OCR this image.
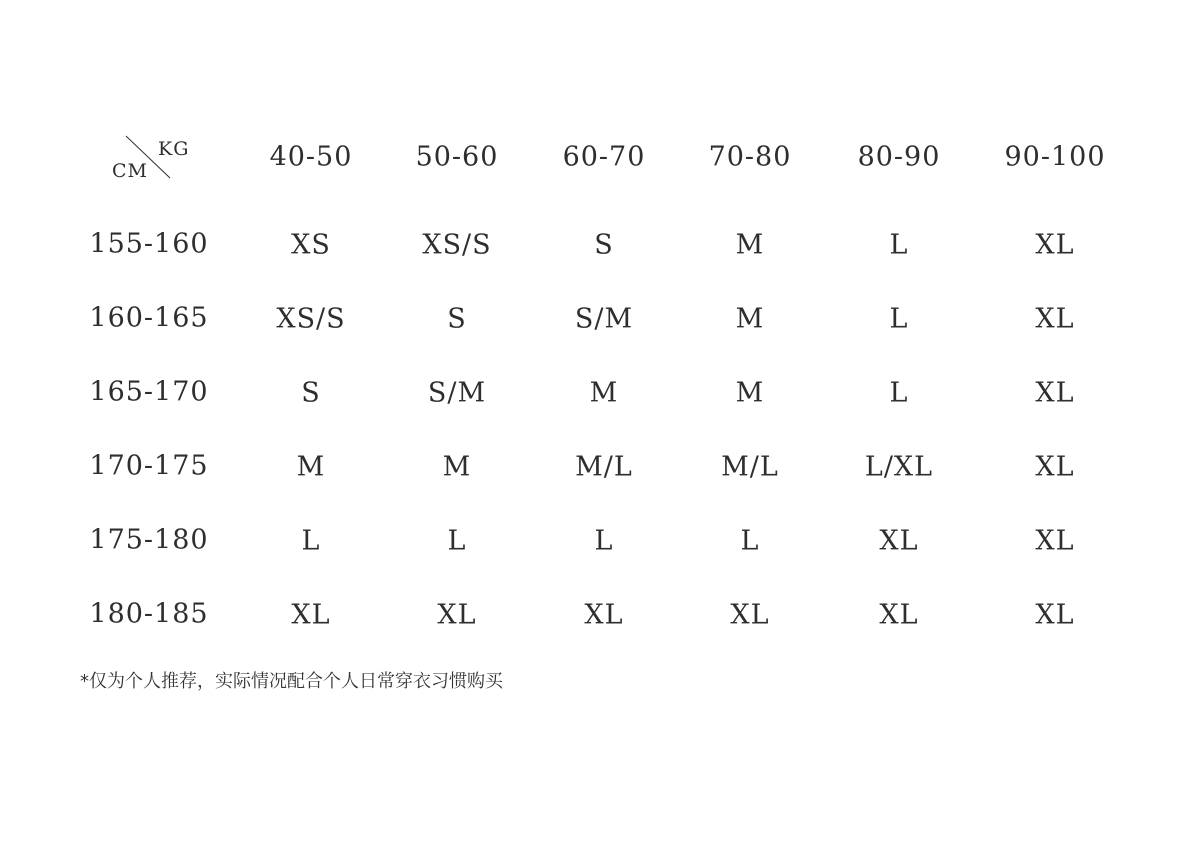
KG
CM	40-50 50-60 60-70 70-80 80-90 90-100
155-160	XS	XS/S	S	M	L	XL
160-165	XS/S	S	S/M	M	L	XL
165-170	S	S/M	M	M	L	XL
170-175	M	M	M/L	M/L	L/XL	XL
175-180	L	L	L	L	XL	XL
180-185	XL	XL	XL	XL	XL	XL
*仅为个人推荐，实际情况配合个人日常穿衣习惯购买
